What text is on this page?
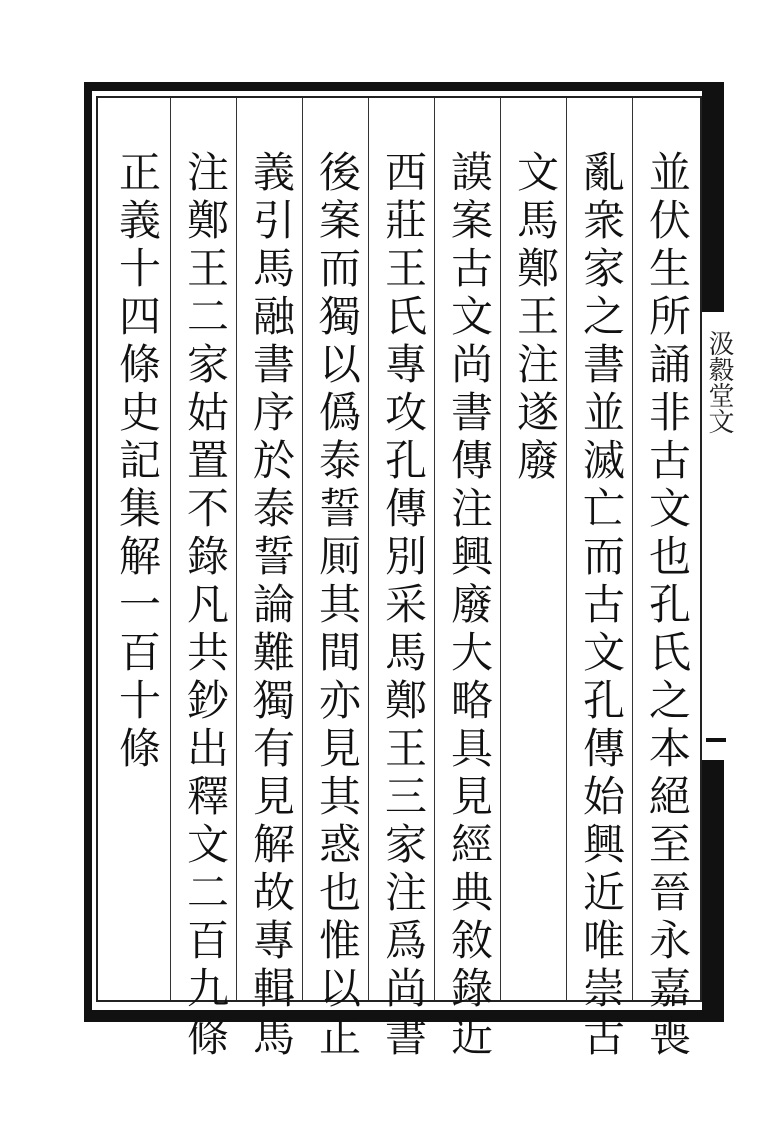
汲縠堂文
並伏生所誦非古文也孔氏之本絕至晉永嘉喪
亂衆家之書並滅亡而古文孔傳始興近唯崇古
文馬鄭王注遂廢
謨案古文尚書傳注興廢大略具見經典敘錄近
西莊王氏專攻孔傳別采馬鄭王三家注爲尚書
後案而獨以僞泰誓厠其間亦見其惑也惟以正
義引馬融書序於泰誓論難獨有見解故專輯馬
注鄭王二家姑置不錄凡共鈔出釋文二百九條
正義十四條史記集解一百十條
